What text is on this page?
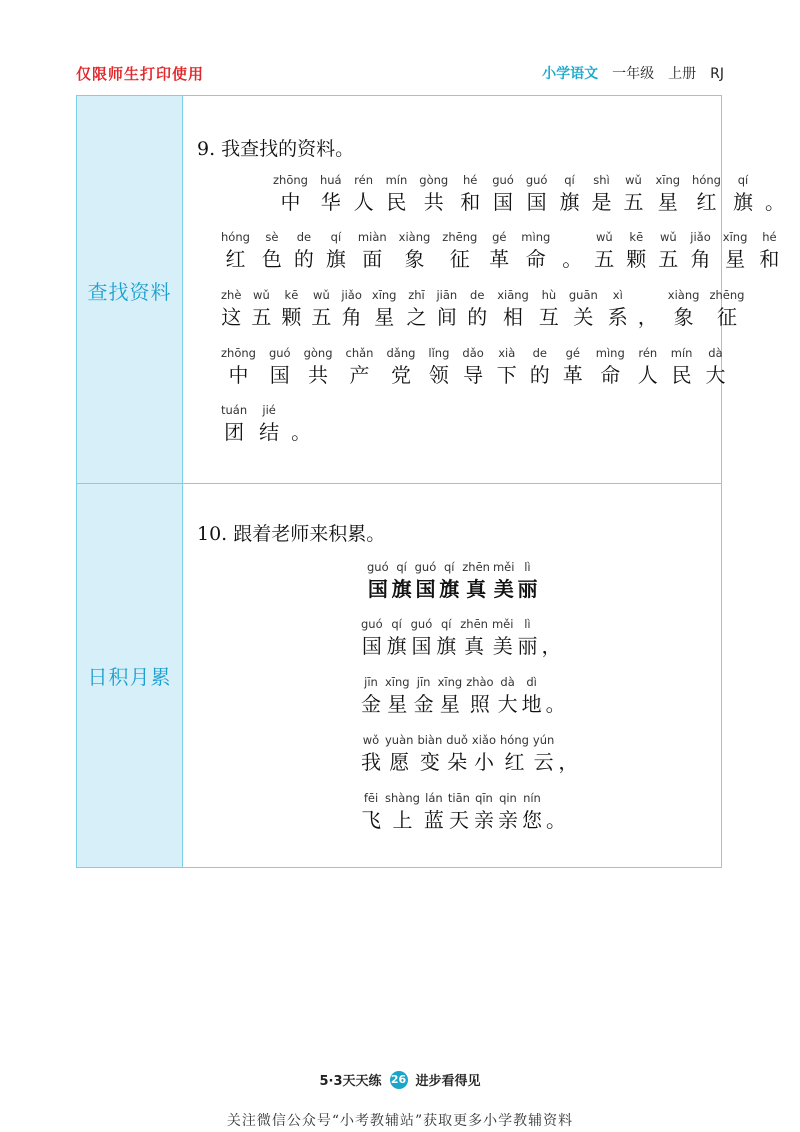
仅限师生打印使用	小学语文 一年级 上册 RJ
查找资料
日积月累
9. 我查找的资料。
zhōng
中
huá
华
rén
人
mín
民
gòng
共
hé
和
guó
国
guó
国
qí
旗
shì
是
wǔ
五
xīng
星
hóng
红
qí
旗 。
hóng
红
sè
色
de
的
qí
旗
miàn
面
xiàng
象
zhēng
征
gé
革
mìng
命 。
wǔ
五
kē
颗
wǔ
五
jiǎo
角
xīng
星
hé
和
zhè
这
wǔ
五
kē
颗
wǔ
五
jiǎo
角
xīng
星
zhī
之
jiān
间
de
的
xiāng
相
hù
互
guān
关
xì
系 ，
xiàng
象
zhēng
征
zhōng
中
guó
国
gòng
共
chǎn
产
dǎng
党
lǐng
领
dǎo
导
xià
下
de
的
gé
革
mìng
命
rén
人
mín
民
dà
大
tuán
团
jié
结 。
10. 跟着老师来积累。
guó
国
qí
旗
guó
国
qí
旗
zhēn
真
měi
美
lì
丽
guó
国
qí
旗
guó
国
qí
旗
zhēn
真
měi
美
lì
丽 ，
jīn
金
xīng
星
jīn
金
xīng
星
zhào
照
dà
大
dì
地 。
wǒ
我
yuàn
愿
biàn
变
duǒ
朵
xiǎo
小
hóng
红
yún
云 ，
fēi
飞
shàng
上
lán
蓝
tiān
天
qīn
亲
qin
亲
nín
您 。
5·3天天练 26 进步看得见
关注微信公众号“小考教辅站”获取更多小学教辅资料
